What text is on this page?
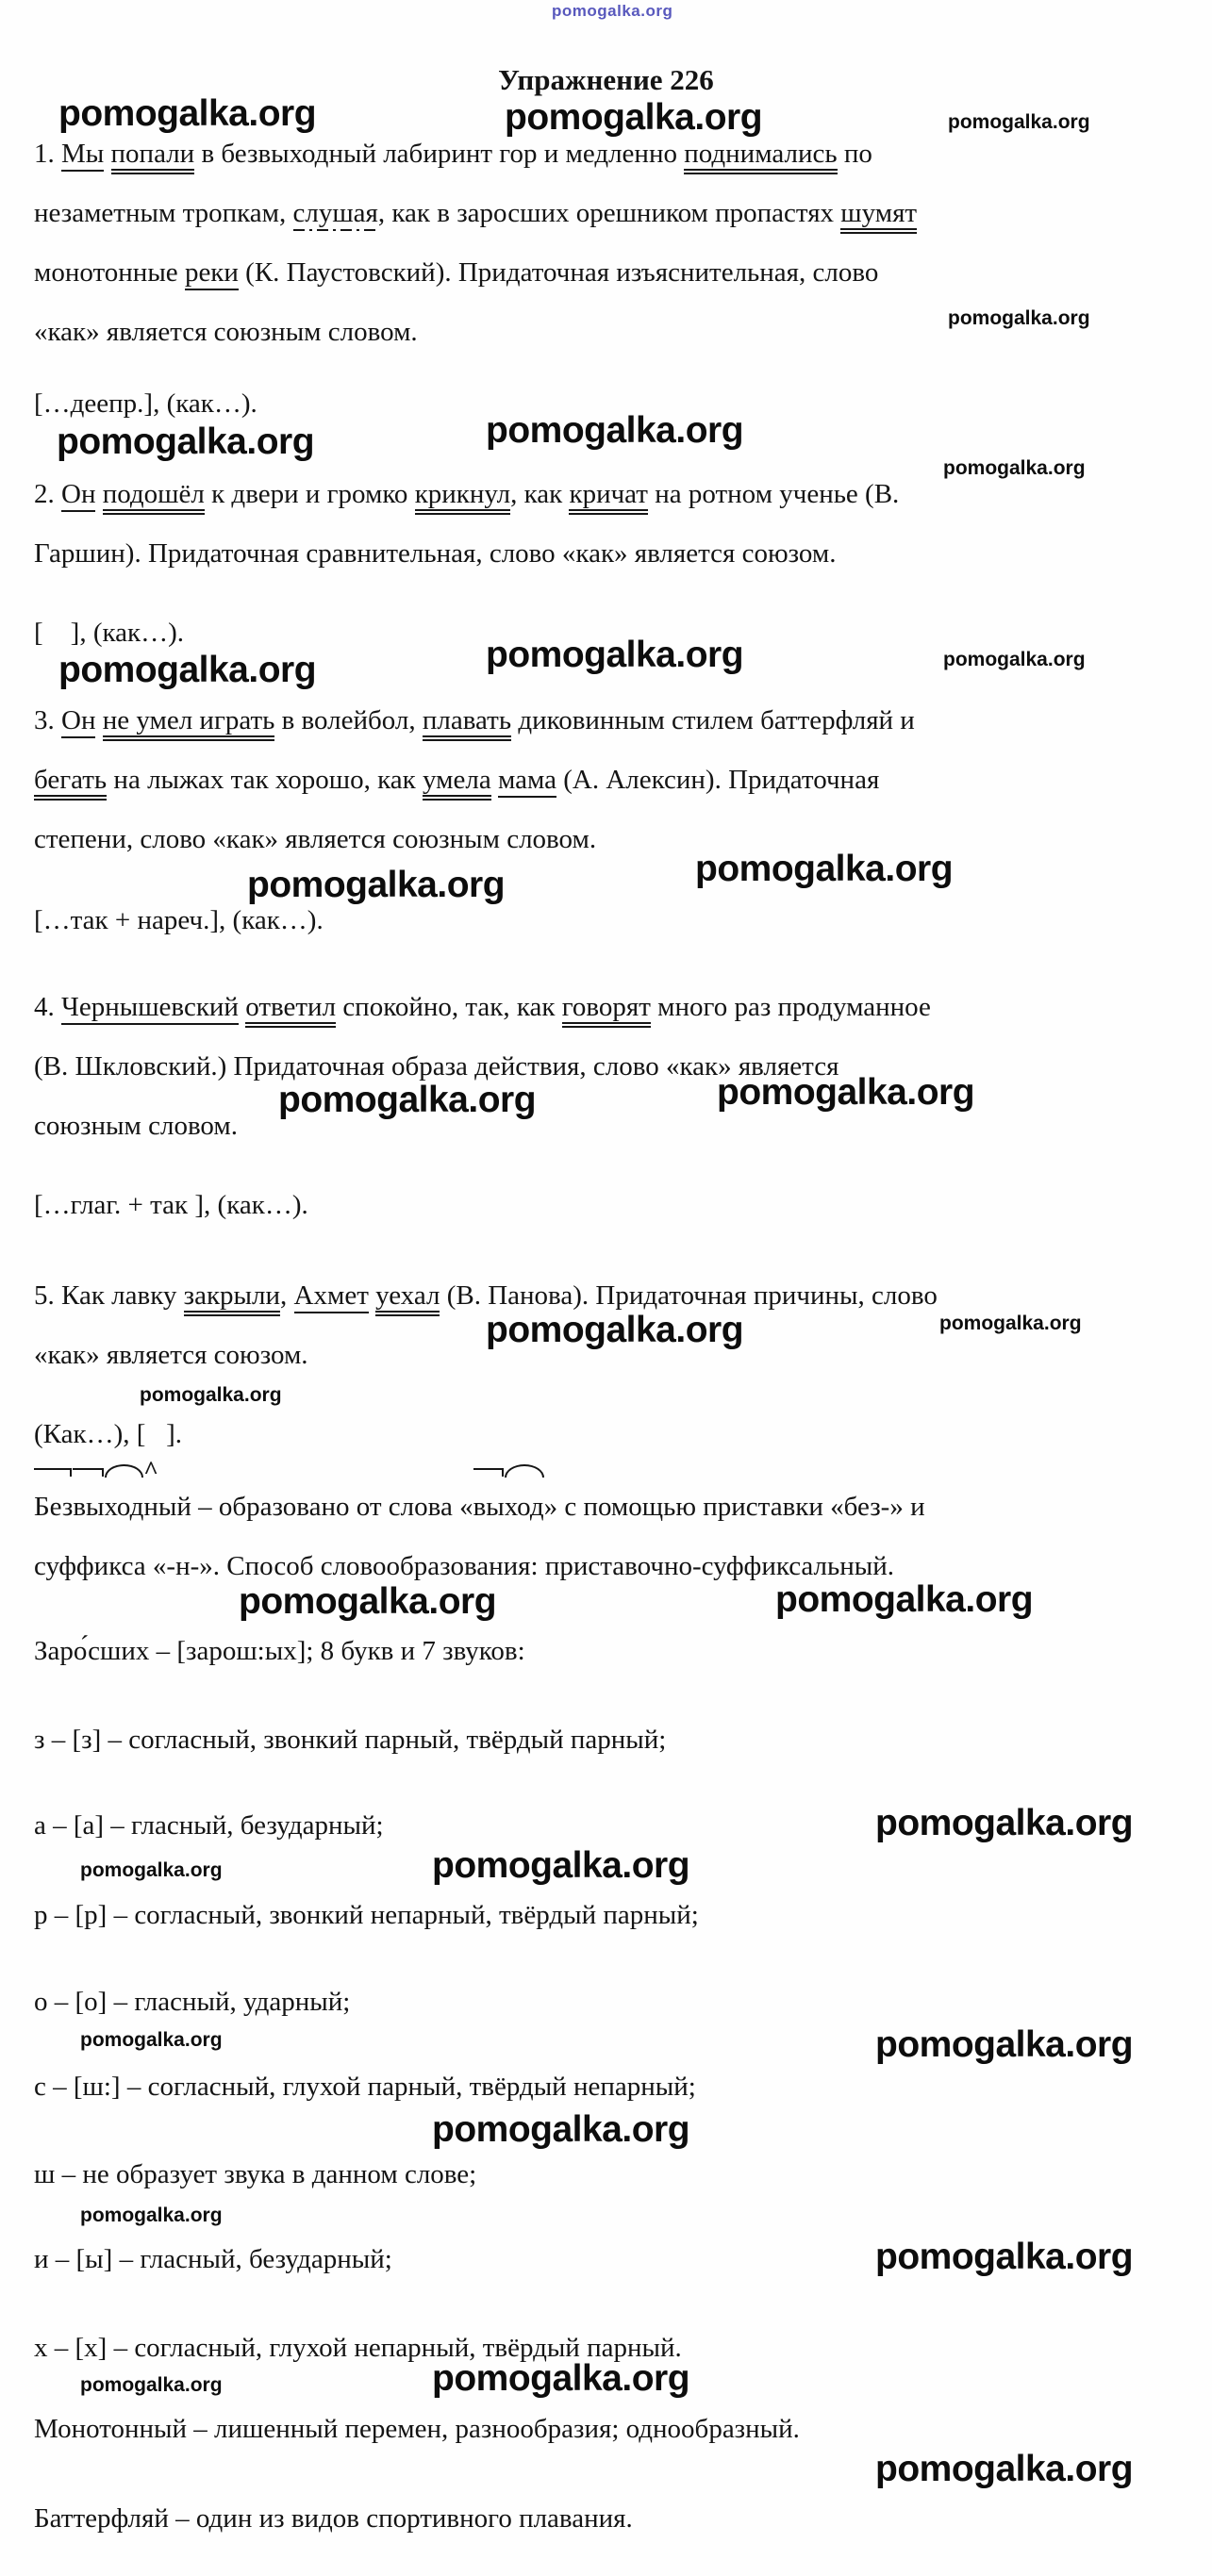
pomogalka.org
pomogalka.org	pomogalka.org
pomogalka.org
pomogalka.org
pomogalka.org
pomogalka.org
pomogalka.org	pomogalka.org
pomogalka.org	pomogalka.org
pomogalka.org
pomogalka.org	pomogalka.org
pomogalka.org
pomogalka.org
pomogalka.org
pomogalka.org
pomogalka.org
pomogalka.org
pomogalka.org
pomogalka.org
pomogalka.org
pomogalka.org
pomogalka.org
pomogalka.org
pomogalka.org
pomogalka.org
pomogalka.org
pomogalka.org
pomogalka.org
Упражнение 226
1. Мы попали в безвыходный лабиринт гор и медленно поднимались по
незаметным тропкам, слушая, как в заросших орешником пропастях шумят
монотонные реки (К. Паустовский). Придаточная изъяснительная, слово
«как» является союзным словом.
[…деепр.], (как…).
2. Он подошёл к двери и громко крикнул, как кричат на ротном ученье (В.
Гаршин). Придаточная сравнительная, слово «как» является союзом.
[    ], (как…).
3. Он не умел играть в волейбол, плавать диковинным стилем баттерфляй и
бегать на лыжах так хорошо, как умела мама (А. Алексин). Придаточная
степени, слово «как» является союзным словом.
[…так + нареч.], (как…).
4. Чернышевский ответил спокойно, так, как говорят много раз продуманное
(В. Шкловский.) Придаточная образа действия, слово «как» является
союзным словом.
[…глаг. + так ], (как…).
5. Как лавку закрыли, Ахмет уехал (В. Панова). Придаточная причины, слово
«как» является союзом.
(Как…), [   ].
Безвыход^ ный – образовано от слова «выход» с помощью приставки «без-» и
суффикса «-н-». Способ словообразования: приставочно-суффиксальный.
Заро́сших – [зарош:ых]; 8 букв и 7 звуков:
з – [з] – согласный, звонкий парный, твёрдый парный;
а – [а] – гласный, безударный;
р – [р] – согласный, звонкий непарный, твёрдый парный;
о – [о] – гласный, ударный;
с – [ш:] – согласный, глухой парный, твёрдый непарный;
ш – не образует звука в данном слове;
и – [ы] – гласный, безударный;
х – [х] – согласный, глухой непарный, твёрдый парный.
Монотонный – лишенный перемен, разнообразия; однообразный.
Баттерфляй – один из видов спортивного плавания.
